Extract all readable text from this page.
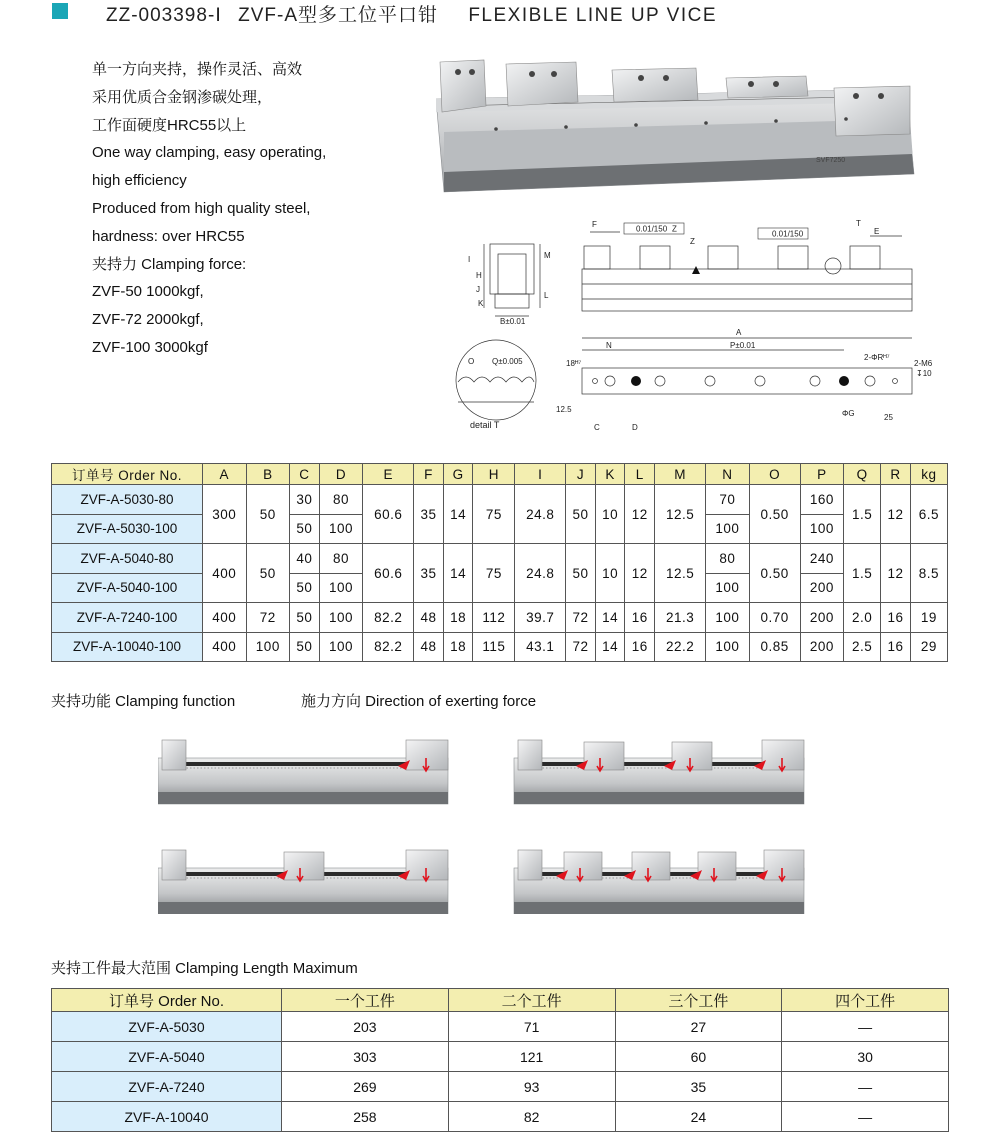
ZZ-003398-Ⅰ ZVF-A型多工位平口钳 FLEXIBLE LINE UP VICE
单一方向夹持，操作灵活、高效
采用优质合金钢渗碳处理，
工作面硬度HRC55以上
One way clamping, easy operating,
high efficiency
Produced from high quality steel,
hardness: over HRC55
夹持力 Clamping force:
ZVF-50 1000kgf,
ZVF-72 2000kgf,
ZVF-100 3000kgf
SVF7250
H
I
J
K
M
L
B±0.01
0.01/150 Z
0.01/150
F
E
T
Z
O Q±0.005
detail T
A
N	P±0.01
2-ΦRᴴ⁷
2-M6
↧10
18ᴴ⁷
12.5
C	D
ΦG	25
订单号 Order No.	A	B	C	D	E	F	G	H	I	J	K	L	M	N	O	P	Q	R	kg
ZVF-A-5030-80	300	50	30	80	60.6	35	14	75	24.8	50	10	12	12.5	70	0.50	160	1.5	12	6.5
ZVF-A-5030-100			50	100										100		100			
ZVF-A-5040-80	400	50	40	80	60.6	35	14	75	24.8	50	10	12	12.5	80	0.50	240	1.5	12	8.5
ZVF-A-5040-100			50	100										100		200			
ZVF-A-7240-100	400	72	50	100	82.2	48	18	112	39.7	72	14	16	21.3	100	0.70	200	2.0	16	19
ZVF-A-10040-100	400	100	50	100	82.2	48	18	115	43.1	72	14	16	22.2	100	0.85	200	2.5	16	29
夹持功能 Clamping function	施力方向 Direction of exerting force
夹持工件最大范围 Clamping Length Maximum
订单号 Order No.	一个工件	二个工件	三个工件	四个工件
ZVF-A-5030	203	71	27	—
ZVF-A-5040	303	121	60	30
ZVF-A-7240	269	93	35	—
ZVF-A-10040	258	82	24	—
